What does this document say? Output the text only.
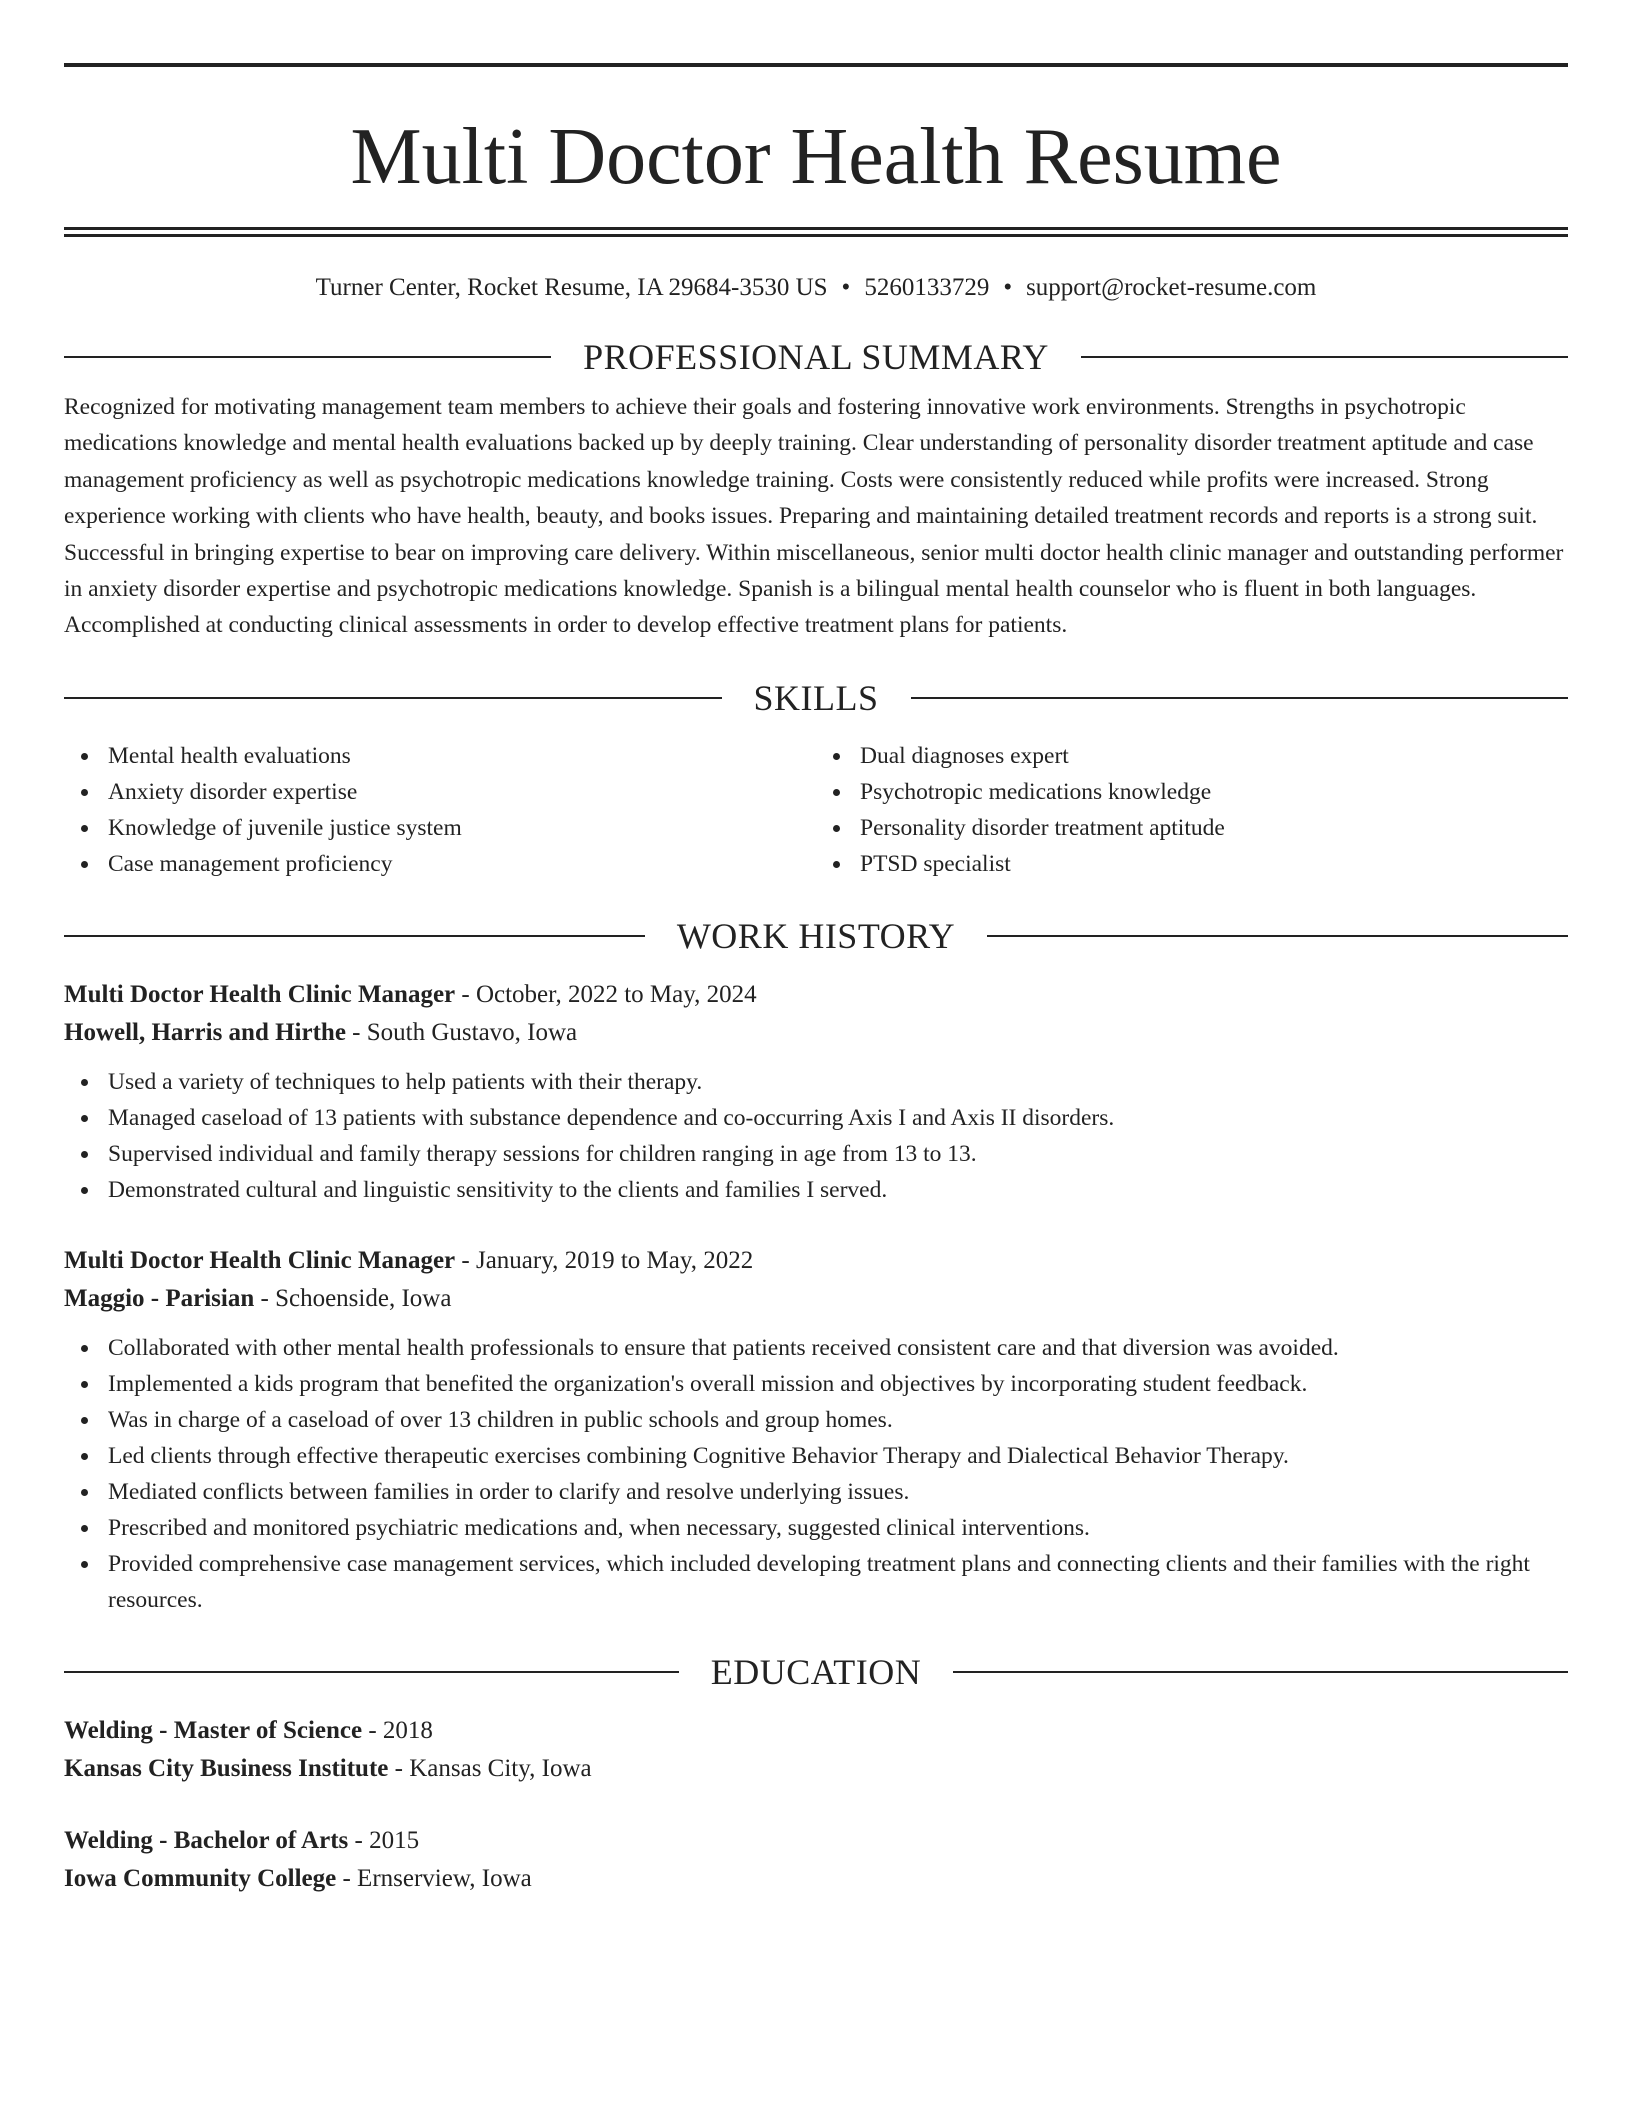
Multi Doctor Health Resume
Turner Center, Rocket Resume, IA 29684-3530 US • 5260133729 • support@rocket-resume.com
PROFESSIONAL SUMMARY
Recognized for motivating management team members to achieve their goals and fostering innovative work environments. Strengths in psychotropic medications knowledge and mental health evaluations backed up by deeply training. Clear understanding of personality disorder treatment aptitude and case management proficiency as well as psychotropic medications knowledge training. Costs were consistently reduced while profits were increased. Strong experience working with clients who have health, beauty, and books issues. Preparing and maintaining detailed treatment records and reports is a strong suit. Successful in bringing expertise to bear on improving care delivery. Within miscellaneous, senior multi doctor health clinic manager and outstanding performer in anxiety disorder expertise and psychotropic medications knowledge. Spanish is a bilingual mental health counselor who is fluent in both languages. Accomplished at conducting clinical assessments in order to develop effective treatment plans for patients.
SKILLS
Mental health evaluations
Anxiety disorder expertise
Knowledge of juvenile justice system
Case management proficiency
Dual diagnoses expert
Psychotropic medications knowledge
Personality disorder treatment aptitude
PTSD specialist
WORK HISTORY
Multi Doctor Health Clinic Manager - October, 2022 to May, 2024
Howell, Harris and Hirthe - South Gustavo, Iowa
Used a variety of techniques to help patients with their therapy.
Managed caseload of 13 patients with substance dependence and co-occurring Axis I and Axis II disorders.
Supervised individual and family therapy sessions for children ranging in age from 13 to 13.
Demonstrated cultural and linguistic sensitivity to the clients and families I served.
Multi Doctor Health Clinic Manager - January, 2019 to May, 2022
Maggio - Parisian - Schoenside, Iowa
Collaborated with other mental health professionals to ensure that patients received consistent care and that diversion was avoided.
Implemented a kids program that benefited the organization's overall mission and objectives by incorporating student feedback.
Was in charge of a caseload of over 13 children in public schools and group homes.
Led clients through effective therapeutic exercises combining Cognitive Behavior Therapy and Dialectical Behavior Therapy.
Mediated conflicts between families in order to clarify and resolve underlying issues.
Prescribed and monitored psychiatric medications and, when necessary, suggested clinical interventions.
Provided comprehensive case management services, which included developing treatment plans and connecting clients and their families with the right resources.
EDUCATION
Welding - Master of Science - 2018
Kansas City Business Institute - Kansas City, Iowa
Welding - Bachelor of Arts - 2015
Iowa Community College - Ernserview, Iowa
